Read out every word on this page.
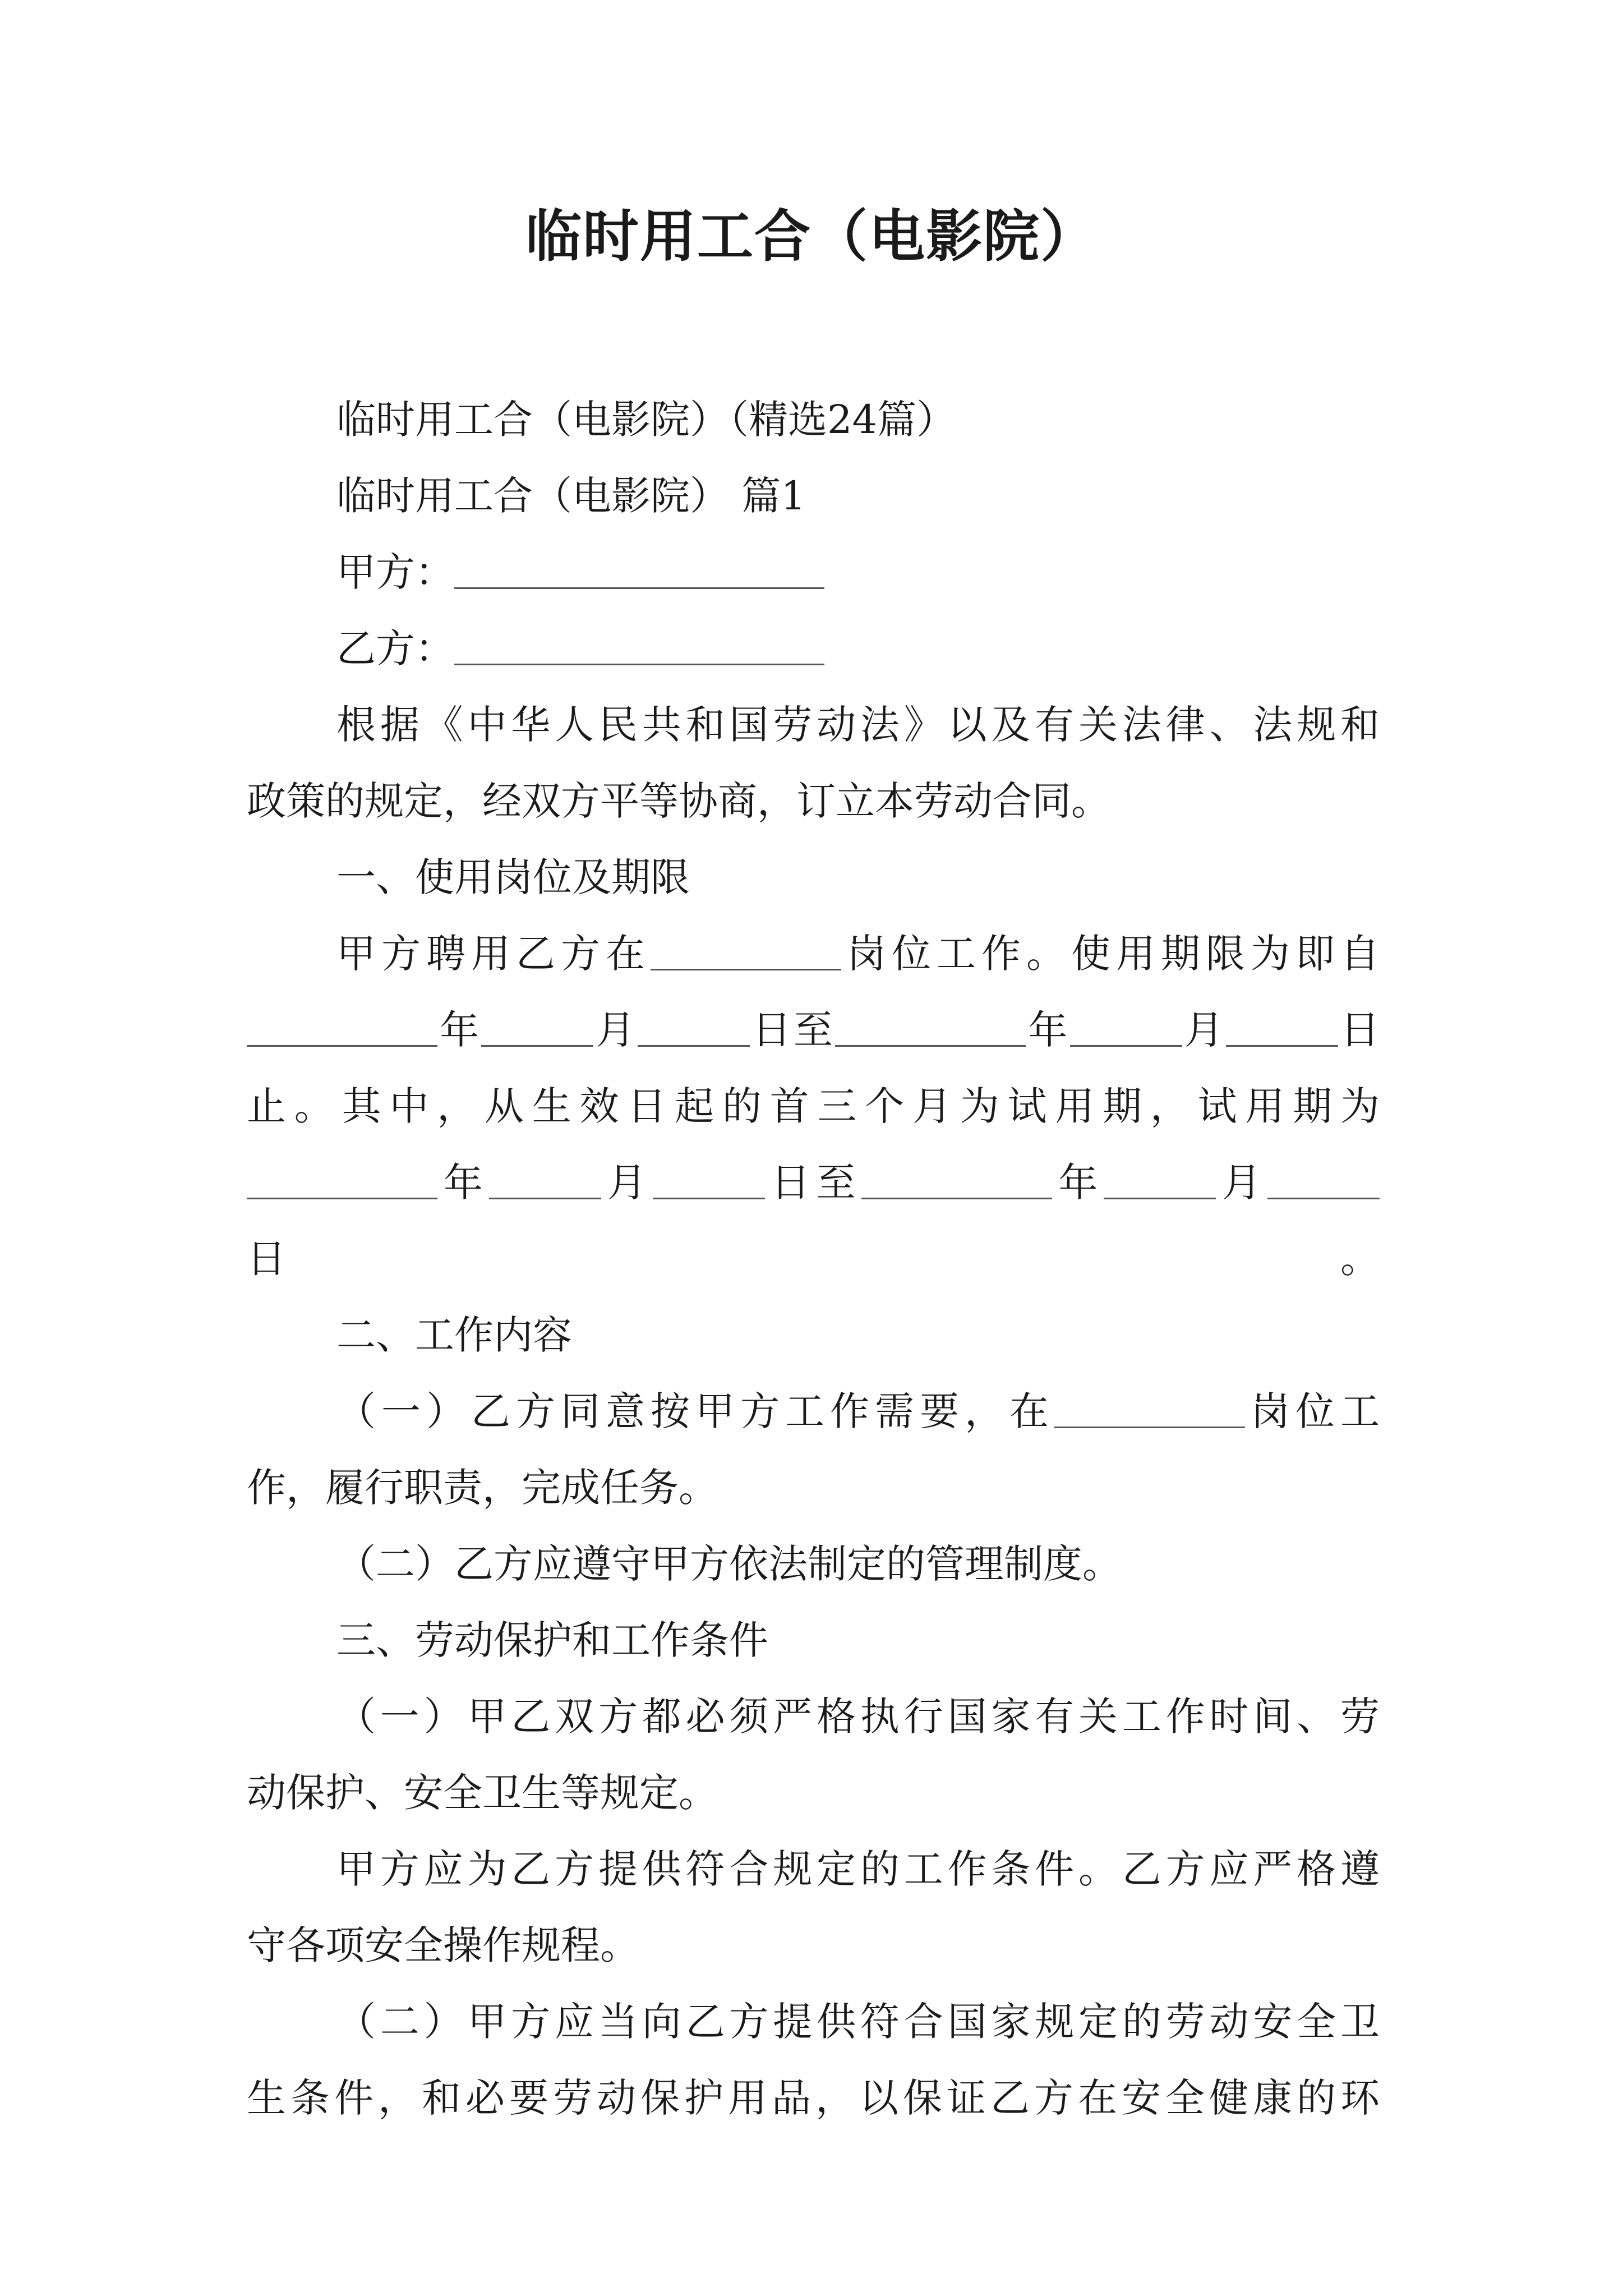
临时用工合（电影院）

临时用工合（电影院）（精选24篇）

临时用工合（电影院） 篇1

甲方：

乙方：

根据《中华人民共和国劳动法》以及有关法律、法规和

政策的规定，经双方平等协商，订立本劳动合同。

一、使用岗位及期限

甲方聘用乙方在	岗位工作。使用期限为即自

年	月	日至	年	月	日

止。其中，从生效日起的首三个月为试用期，试用期为

年	月	日至	年	月日。

二、工作内容

（一）乙方同意按甲方工作需要，在	岗位工

作，履行职责，完成任务。

（二）乙方应遵守甲方依法制定的管理制度。

三、劳动保护和工作条件

（一）甲乙双方都必须严格执行国家有关工作时间、劳

动保护、安全卫生等规定。

甲方应为乙方提供符合规定的工作条件。乙方应严格遵

守各项安全操作规程。

（二）甲方应当向乙方提供符合国家规定的劳动安全卫

生条件，和必要劳动保护用品，以保证乙方在安全健康的环
